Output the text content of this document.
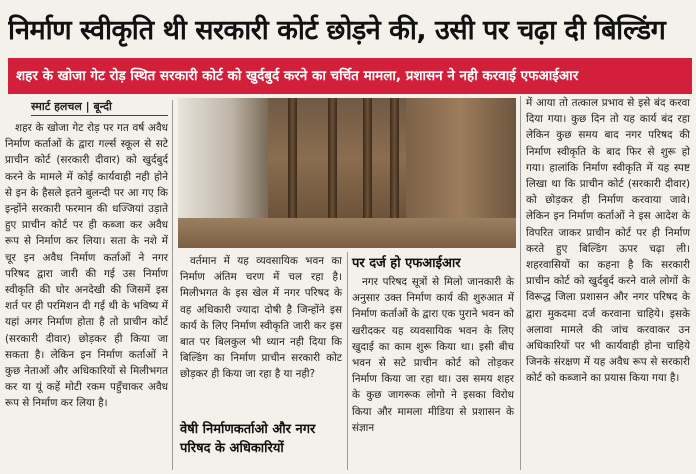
निर्माण स्वीकृति थी सरकारी कोर्ट छोड़ने की, उसी पर चढ़ा दी बिल्डिंग
शहर के खोजा गेट रोड़ स्थित सरकारी कोर्ट को खुर्दबुर्द करने का चर्चित मामला, प्रशासन ने नही करवाई एफआईआर

स्मार्ट हलचल | बून्दी

शहर के खोजा गेट रोड़ पर गत वर्ष अवैध निर्माण कर्ताओं के द्वारा गर्ल्स स्कूल से सटे प्राचीन कोर्ट (सरकारी दीवार) को खुर्दबुर्द करने के मामले में कोई कार्यवाही नही होने से इन के हैसले इतने बुलन्दी पर आ गए कि इन्होंने सरकारी फरमान की धज्जियां उड़ाते हुए प्राचीन कोर्ट पर ही कब्जा कर अवैध रूप से निर्माण कर लिया। सता के नशे में चूर इन अवैध निर्माण कर्ताओं ने नगर परिषद द्वारा जारी की गई उस निर्माण स्वीकृति की घोर अनदेखी की जिसमें इस शर्त पर ही परमिशन दी गई थी के भविष्य में यहां अगर निर्माण होता है तो प्राचीन कोर्ट (सरकारी दीवार) छोड़कर ही किया जा सकता है। लेकिन इन निर्माण कर्ताओं ने कुछ नेताओं और अधिकारियों से मिलीभगत कर या यूं कहें मोटी रकम पहुँचाकर अवैध रूप से निर्माण कर लिया है।

वर्तमान में यह व्यवसायिक भवन का निर्माण अंतिम चरण में चल रहा है। मिलीभगत के इस खेल में नगर परिषद के वह अधिकारी ज्यादा दोषी है जिन्होंने इस कार्य के लिए निर्माण स्वीकृति जारी कर इस बात पर बिलकुल भी ध्यान नही दिया कि बिल्डिंग का निर्माण प्राचीन सरकारी कोट छोड़कर ही किया जा रहा है या नही?

वेषी निर्माणकर्ताओ और नगर परिषद के अधिकारियों
पर दर्ज हो एफआईआर

नगर परिषद सूत्रों से मिलो जानकारी के अनुसार उक्त निर्माण कार्य की शुरुआत में निर्माण कर्ताओं के द्वारा एक पुराने भवन को खरीदकर यह व्यवसायिक भवन के लिए खुदाई का काम शुरू किया था। इसी बीच भवन से सटे प्राचीन कोर्ट को तोड़कर निर्माण किया जा रहा था। उस समय शहर के कुछ जागरूक लोगो ने इसका विरोध किया और मामला मीडिया से प्रशासन के संज्ञान

में आया तो तत्काल प्रभाव से इसे बंद करवा दिया गया। कुछ दिन तो यह कार्य बंद रहा लेकिन कुछ समय बाद नगर परिषद की निर्माण स्वीकृति के बाद फिर से शुरू हो गया। हालांकि निर्माण स्वीकृति में यह स्पष्ट लिखा था कि प्राचीन कोर्ट (सरकारी दीवार) को छोड़कर ही निर्माण करवाया जावे। लेकिन इन निर्माण कर्ताओं ने इस आदेश के विपरित जाकर प्राचीन कोर्ट पर ही निर्माण करते हुए बिल्डिंग ऊपर चढ़ा ली। शहरवासियों का कहना है कि सरकारी प्राचीन कोर्ट को खुर्दबुर्द करने वाले लोगों के विरूद्ध जिला प्रशासन और नगर परिषद के द्वारा मुकदमा दर्ज करवाना चाहिये। इसके अलावा मामले की जांच करवाकर उन अधिकारियों पर भी कार्यवाही होना चाहिये जिनके संरक्षण में यह अवैध रूप से सरकारी कोर्ट को कब्जाने का प्रयास किया गया है।
